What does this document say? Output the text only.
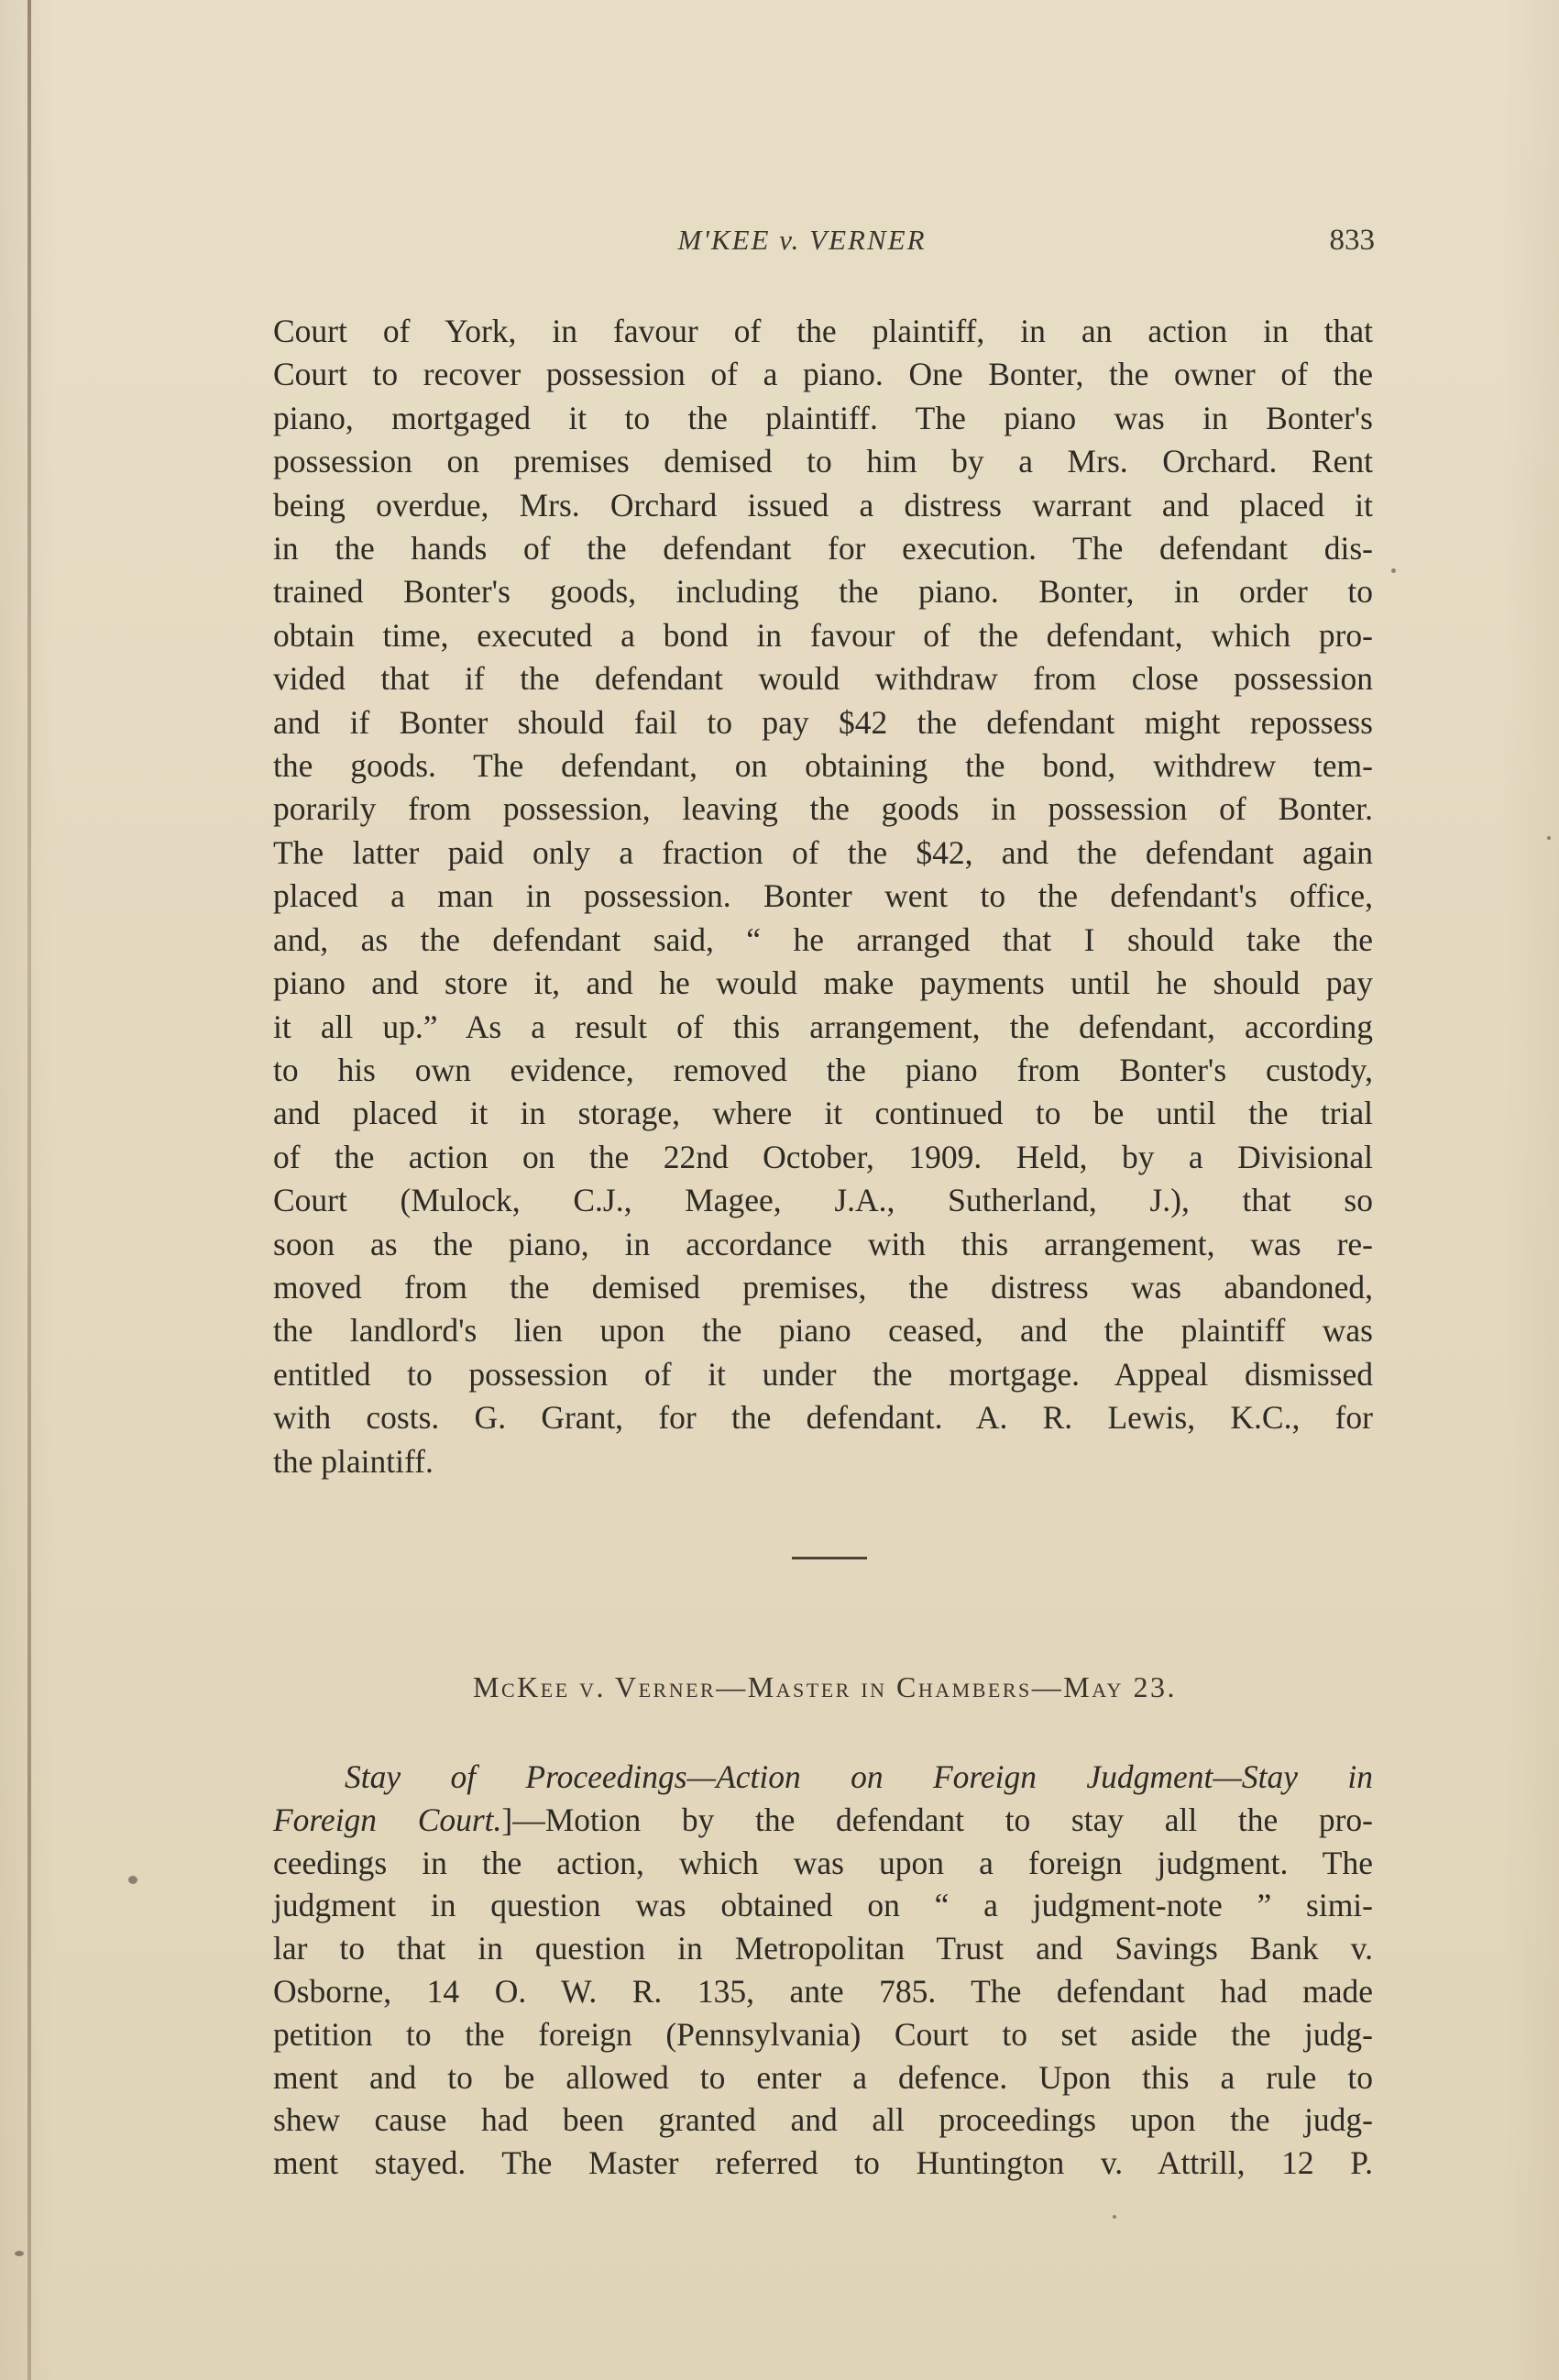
M'KEE v. VERNER	833
Court of York, in favour of the plaintiff, in an action in that
Court to recover possession of a piano. One Bonter, the owner of the
piano, mortgaged it to the plaintiff. The piano was in Bonter's
possession on premises demised to him by a Mrs. Orchard. Rent
being overdue, Mrs. Orchard issued a distress warrant and placed it
in the hands of the defendant for execution. The defendant dis-
trained Bonter's goods, including the piano. Bonter, in order to
obtain time, executed a bond in favour of the defendant, which pro-
vided that if the defendant would withdraw from close possession
and if Bonter should fail to pay $42 the defendant might repossess
the goods. The defendant, on obtaining the bond, withdrew tem-
porarily from possession, leaving the goods in possession of Bonter.
The latter paid only a fraction of the $42, and the defendant again
placed a man in possession. Bonter went to the defendant's office,
and, as the defendant said, “ he arranged that I should take the
piano and store it, and he would make payments until he should pay
it all up.” As a result of this arrangement, the defendant, according
to his own evidence, removed the piano from Bonter's custody,
and placed it in storage, where it continued to be until the trial
of the action on the 22nd October, 1909. Held, by a Divisional
Court (Mulock, C.J., Magee, J.A., Sutherland, J.), that so
soon as the piano, in accordance with this arrangement, was re-
moved from the demised premises, the distress was abandoned,
the landlord's lien upon the piano ceased, and the plaintiff was
entitled to possession of it under the mortgage. Appeal dismissed
with costs. G. Grant, for the defendant. A. R. Lewis, K.C., for
the plaintiff.
McKee v. Verner—Master in Chambers—May 23.
Stay of Proceedings—Action on Foreign Judgment—Stay in
Foreign Court.]—Motion by the defendant to stay all the pro-
ceedings in the action, which was upon a foreign judgment. The
judgment in question was obtained on “ a judgment-note ” simi-
lar to that in question in Metropolitan Trust and Savings Bank v.
Osborne, 14 O. W. R. 135, ante 785. The defendant had made
petition to the foreign (Pennsylvania) Court to set aside the judg-
ment and to be allowed to enter a defence. Upon this a rule to
shew cause had been granted and all proceedings upon the judg-
ment stayed. The Master referred to Huntington v. Attrill, 12 P.
